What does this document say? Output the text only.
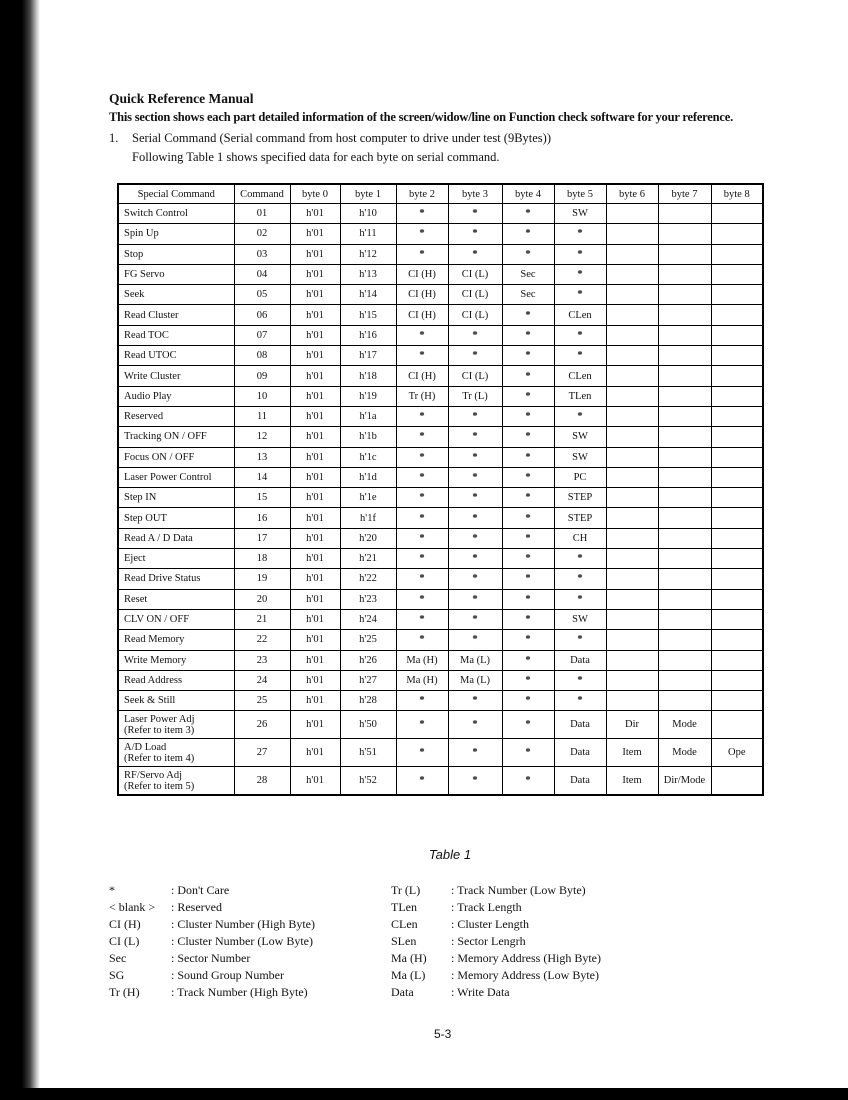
Quick Reference Manual
This section shows each part detailed information of the screen/widow/line on Function check software for your reference.
1. Serial Command (Serial command from host computer to drive under test (9Bytes))
Following Table 1 shows specified data for each byte on serial command.
Special Command	Command	byte 0	byte 1	byte 2	byte 3	byte 4	byte 5	byte 6	byte 7	byte 8
Switch Control	01	h'01	h'10	*	*	*	SW			
Spin Up	02	h'01	h'11	*	*	*	*			
Stop	03	h'01	h'12	*	*	*	*			
FG Servo	04	h'01	h'13	CI (H)	CI (L)	Sec	*			
Seek	05	h'01	h'14	CI (H)	CI (L)	Sec	*			
Read Cluster	06	h'01	h'15	CI (H)	CI (L)	*	CLen			
Read TOC	07	h'01	h'16	*	*	*	*			
Read UTOC	08	h'01	h'17	*	*	*	*			
Write Cluster	09	h'01	h'18	CI (H)	CI (L)	*	CLen			
Audio Play	10	h'01	h'19	Tr (H)	Tr (L)	*	TLen			
Reserved	11	h'01	h'1a	*	*	*	*			
Tracking ON / OFF	12	h'01	h'1b	*	*	*	SW			
Focus ON / OFF	13	h'01	h'1c	*	*	*	SW			
Laser Power Control	14	h'01	h'1d	*	*	*	PC			
Step IN	15	h'01	h'1e	*	*	*	STEP			
Step OUT	16	h'01	h'1f	*	*	*	STEP			
Read A / D Data	17	h'01	h'20	*	*	*	CH			
Eject	18	h'01	h'21	*	*	*	*			
Read Drive Status	19	h'01	h'22	*	*	*	*			
Reset	20	h'01	h'23	*	*	*	*			
CLV ON / OFF	21	h'01	h'24	*	*	*	SW			
Read Memory	22	h'01	h'25	*	*	*	*			
Write Memory	23	h'01	h'26	Ma (H)	Ma (L)	*	Data			
Read Address	24	h'01	h'27	Ma (H)	Ma (L)	*	*			
Seek & Still	25	h'01	h'28	*	*	*	*			

Laser Power Adj
(Refer to item 3)	26	h'01	h'50	*	*	*	Data	Dir	Mode	

A/D Load
(Refer to item 4)	27	h'01	h'51	*	*	*	Data	Item	Mode	Ope

RF/Servo Adj
(Refer to item 5)	28	h'01	h'52	*	*	*	Data	Item	Dir/Mode	
Table 1
*	: Don't Care
< blank > : Reserved
CI (H)	: Cluster Number (High Byte)
CI (L)	: Cluster Number (Low Byte)
Sec	: Sector Number
SG	: Sound Group Number
Tr (H)	: Track Number (High Byte)
Tr (L)	: Track Number (Low Byte)
TLen	: Track Length
CLen	: Cluster Length
SLen	: Sector Lengrh
Ma (H) : Memory Address (High Byte)
Ma (L) : Memory Address (Low Byte)
Data	: Write Data
5-3
